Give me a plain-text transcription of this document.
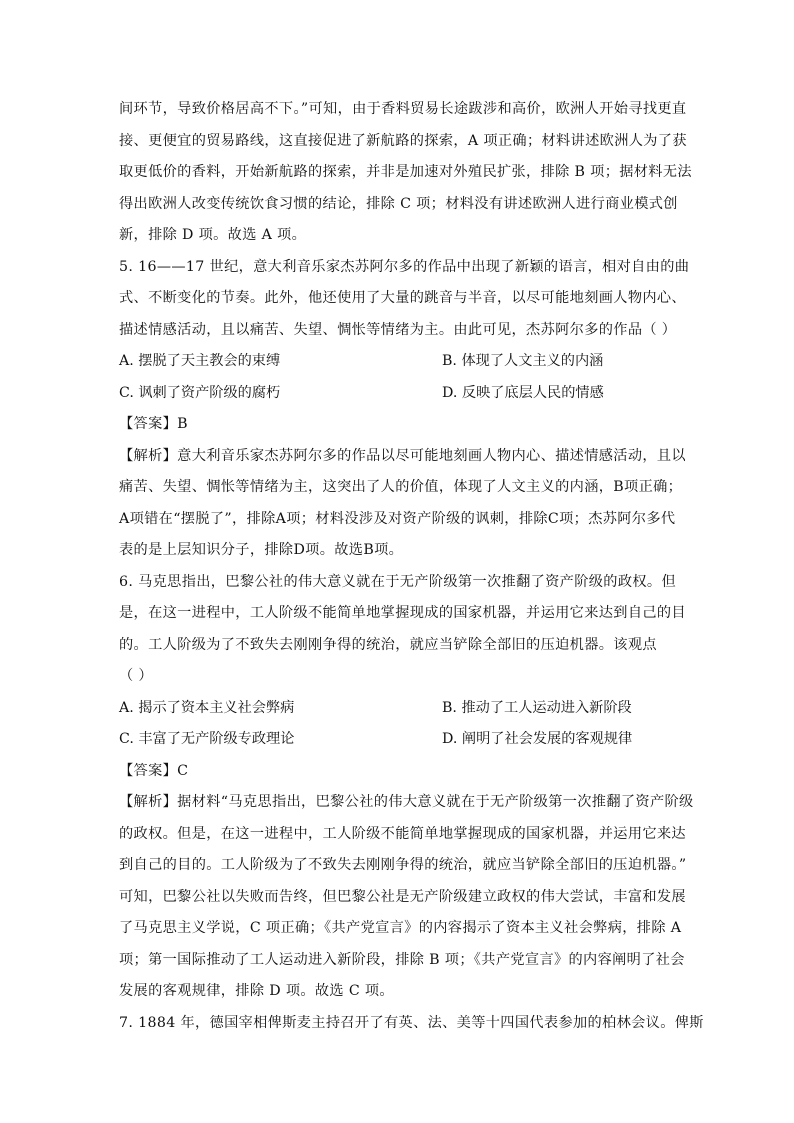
间环节，导致价格居高不下。”可知，由于香料贸易长途跋涉和高价，欧洲人开始寻找更直
接、更便宜的贸易路线，这直接促进了新航路的探索，A 项正确；材料讲述欧洲人为了获
取更低价的香料，开始新航路的探索，并非是加速对外殖民扩张，排除 B 项；据材料无法
得出欧洲人改变传统饮食习惯的结论，排除 C 项；材料没有讲述欧洲人进行商业模式创
新，排除 D 项。故选 A 项。
5. 16——17 世纪，意大利音乐家杰苏阿尔多的作品中出现了新颖的语言，相对自由的曲
式、不断变化的节奏。此外，他还使用了大量的跳音与半音，以尽可能地刻画人物内心、
描述情感活动，且以痛苦、失望、惆怅等情绪为主。由此可见，杰苏阿尔多的作品（ ）
A. 摆脱了天主教会的束缚	B. 体现了人文主义的内涵
C. 讽刺了资产阶级的腐朽	D. 反映了底层人民的情感
【答案】B
【解析】意大利音乐家杰苏阿尔多的作品以尽可能地刻画人物内心、描述情感活动，且以
痛苦、失望、惆怅等情绪为主，这突出了人的价值，体现了人文主义的内涵，B项正确；
A项错在“摆脱了”，排除A项；材料没涉及对资产阶级的讽刺，排除C项；杰苏阿尔多代
表的是上层知识分子，排除D项。故选B项。
6. 马克思指出，巴黎公社的伟大意义就在于无产阶级第一次推翻了资产阶级的政权。但
是，在这一进程中，工人阶级不能简单地掌握现成的国家机器，并运用它来达到自己的目
的。工人阶级为了不致失去刚刚争得的统治，就应当铲除全部旧的压迫机器。该观点
（ ）
A. 揭示了资本主义社会弊病	B. 推动了工人运动进入新阶段
C. 丰富了无产阶级专政理论	D. 阐明了社会发展的客观规律
【答案】C
【解析】据材料“马克思指出，巴黎公社的伟大意义就在于无产阶级第一次推翻了资产阶级
的政权。但是，在这一进程中，工人阶级不能简单地掌握现成的国家机器，并运用它来达
到自己的目的。工人阶级为了不致失去刚刚争得的统治，就应当铲除全部旧的压迫机器。”
可知，巴黎公社以失败而告终，但巴黎公社是无产阶级建立政权的伟大尝试，丰富和发展
了马克思主义学说，C 项正确；《共产党宣言》的内容揭示了资本主义社会弊病，排除 A
项；第一国际推动了工人运动进入新阶段，排除 B 项；《共产党宣言》的内容阐明了社会
发展的客观规律，排除 D 项。故选 C 项。
7. 1884 年，德国宰相俾斯麦主持召开了有英、法、美等十四国代表参加的柏林会议。俾斯
